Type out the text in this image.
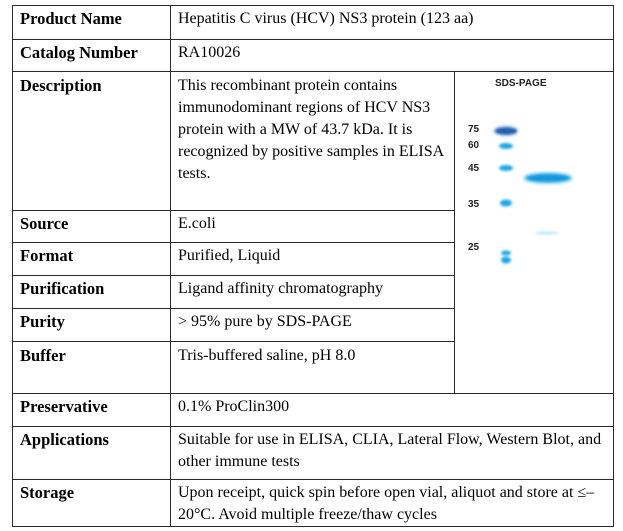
Product Name	Hepatitis C virus (HCV) NS3 protein (123 aa)
Catalog Number	RA10026
Description	This recombinant protein contains immunodominant regions of HCV NS3 protein with a MW of 43.7 kDa. It is recognized by positive samples in ELISA tests.
Source	E.coli
Format	Purified, Liquid
Purification	Ligand affinity chromatography
Purity	> 95% pure by SDS-PAGE
Buffer	Tris-buffered saline, pH 8.0
Preservative	0.1% ProClin300
Applications	Suitable for use in ELISA, CLIA, Lateral Flow, Western Blot, and other immune tests
Storage	Upon receipt, quick spin before open vial, aliquot and store at ≤–20°C. Avoid multiple freeze/thaw cycles
SDS-PAGE
75
60
45
35
25
